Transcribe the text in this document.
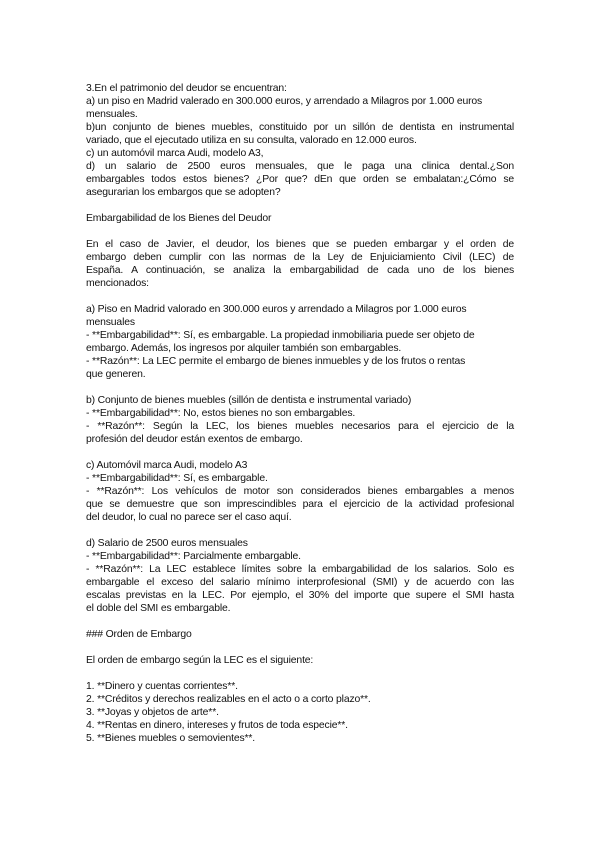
3.En el patrimonio del deudor se encuentran:
a) un piso en Madrid valerado en 300.000 euros, y arrendado a Milagros por 1.000 euros
mensuales.
b)un conjunto de bienes muebles, constituido por un sillón de dentista en instrumental
variado, que el ejecutado utiliza en su consulta, valorado en 12.000 euros.
c) un automóvil marca Audi, modelo A3,
d) un salario de 2500 euros mensuales, que le paga una clinica dental.¿Son
embargables todos estos bienes? ¿Por que? dEn que orden se embalatan:¿Cómo se
asegurarian los embargos que se adopten?
Embargabilidad de los Bienes del Deudor
En el caso de Javier, el deudor, los bienes que se pueden embargar y el orden de
embargo deben cumplir con las normas de la Ley de Enjuiciamiento Civil (LEC) de
España. A continuación, se analiza la embargabilidad de cada uno de los bienes
mencionados:
a) Piso en Madrid valorado en 300.000 euros y arrendado a Milagros por 1.000 euros
mensuales
- **Embargabilidad**: Sí, es embargable. La propiedad inmobiliaria puede ser objeto de
embargo. Además, los ingresos por alquiler también son embargables.
- **Razón**: La LEC permite el embargo de bienes inmuebles y de los frutos o rentas
que generen.
b) Conjunto de bienes muebles (sillón de dentista e instrumental variado)
- **Embargabilidad**: No, estos bienes no son embargables.
- **Razón**: Según la LEC, los bienes muebles necesarios para el ejercicio de la
profesión del deudor están exentos de embargo.
c) Automóvil marca Audi, modelo A3
- **Embargabilidad**: Sí, es embargable.
- **Razón**: Los vehículos de motor son considerados bienes embargables a menos
que se demuestre que son imprescindibles para el ejercicio de la actividad profesional
del deudor, lo cual no parece ser el caso aquí.
d) Salario de 2500 euros mensuales
- **Embargabilidad**: Parcialmente embargable.
- **Razón**: La LEC establece límites sobre la embargabilidad de los salarios. Solo es
embargable el exceso del salario mínimo interprofesional (SMI) y de acuerdo con las
escalas previstas en la LEC. Por ejemplo, el 30% del importe que supere el SMI hasta
el doble del SMI es embargable.
### Orden de Embargo
El orden de embargo según la LEC es el siguiente:
1. **Dinero y cuentas corrientes**.
2. **Créditos y derechos realizables en el acto o a corto plazo**.
3. **Joyas y objetos de arte**.
4. **Rentas en dinero, intereses y frutos de toda especie**.
5. **Bienes muebles o semovientes**.
